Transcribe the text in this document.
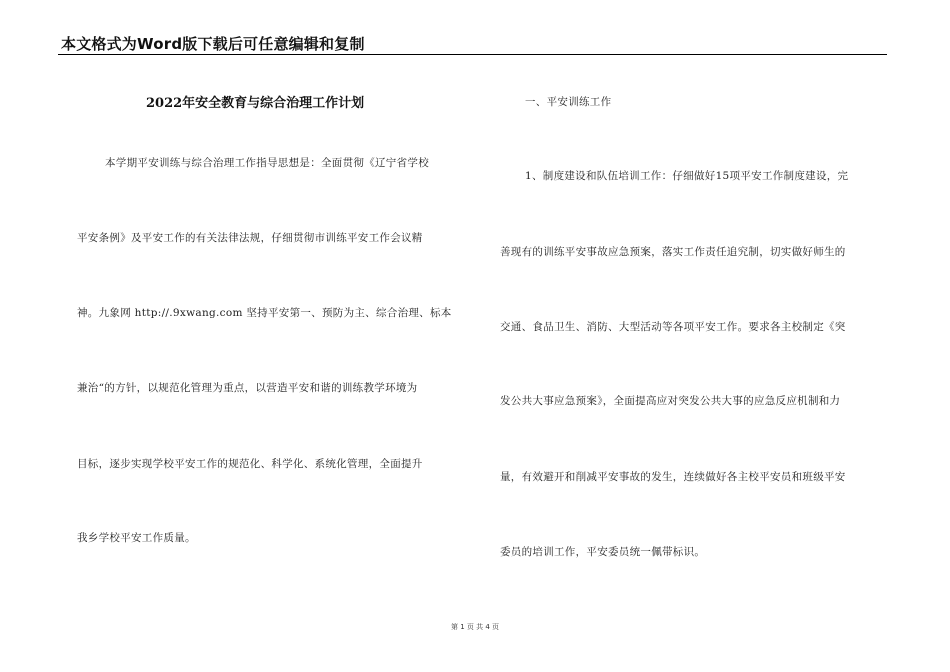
本文格式为Word版下载后可任意编辑和复制
2022年安全教育与综合治理工作计划
本学期平安训练与综合治理工作指导思想是：全面贯彻《辽宁省学校
平安条例》及平安工作的有关法律法规，仔细贯彻市训练平安工作会议精
神。九象网 http://.9xwang.com 坚持平安第一、预防为主、综合治理、标本
兼治“的方针，以规范化管理为重点，以营造平安和谐的训练教学环境为
目标，逐步实现学校平安工作的规范化、科学化、系统化管理，全面提升
我乡学校平安工作质量。
一、平安训练工作
1、制度建设和队伍培训工作：仔细做好15项平安工作制度建设，完
善现有的训练平安事故应急预案，落实工作责任追究制，切实做好师生的
交通、食品卫生、消防、大型活动等各项平安工作。要求各主校制定《突
发公共大事应急预案》，全面提高应对突发公共大事的应急反应机制和力
量，有效避开和削减平安事故的发生，连续做好各主校平安员和班级平安
委员的培训工作，平安委员统一佩带标识。
第 1 页 共 4 页
